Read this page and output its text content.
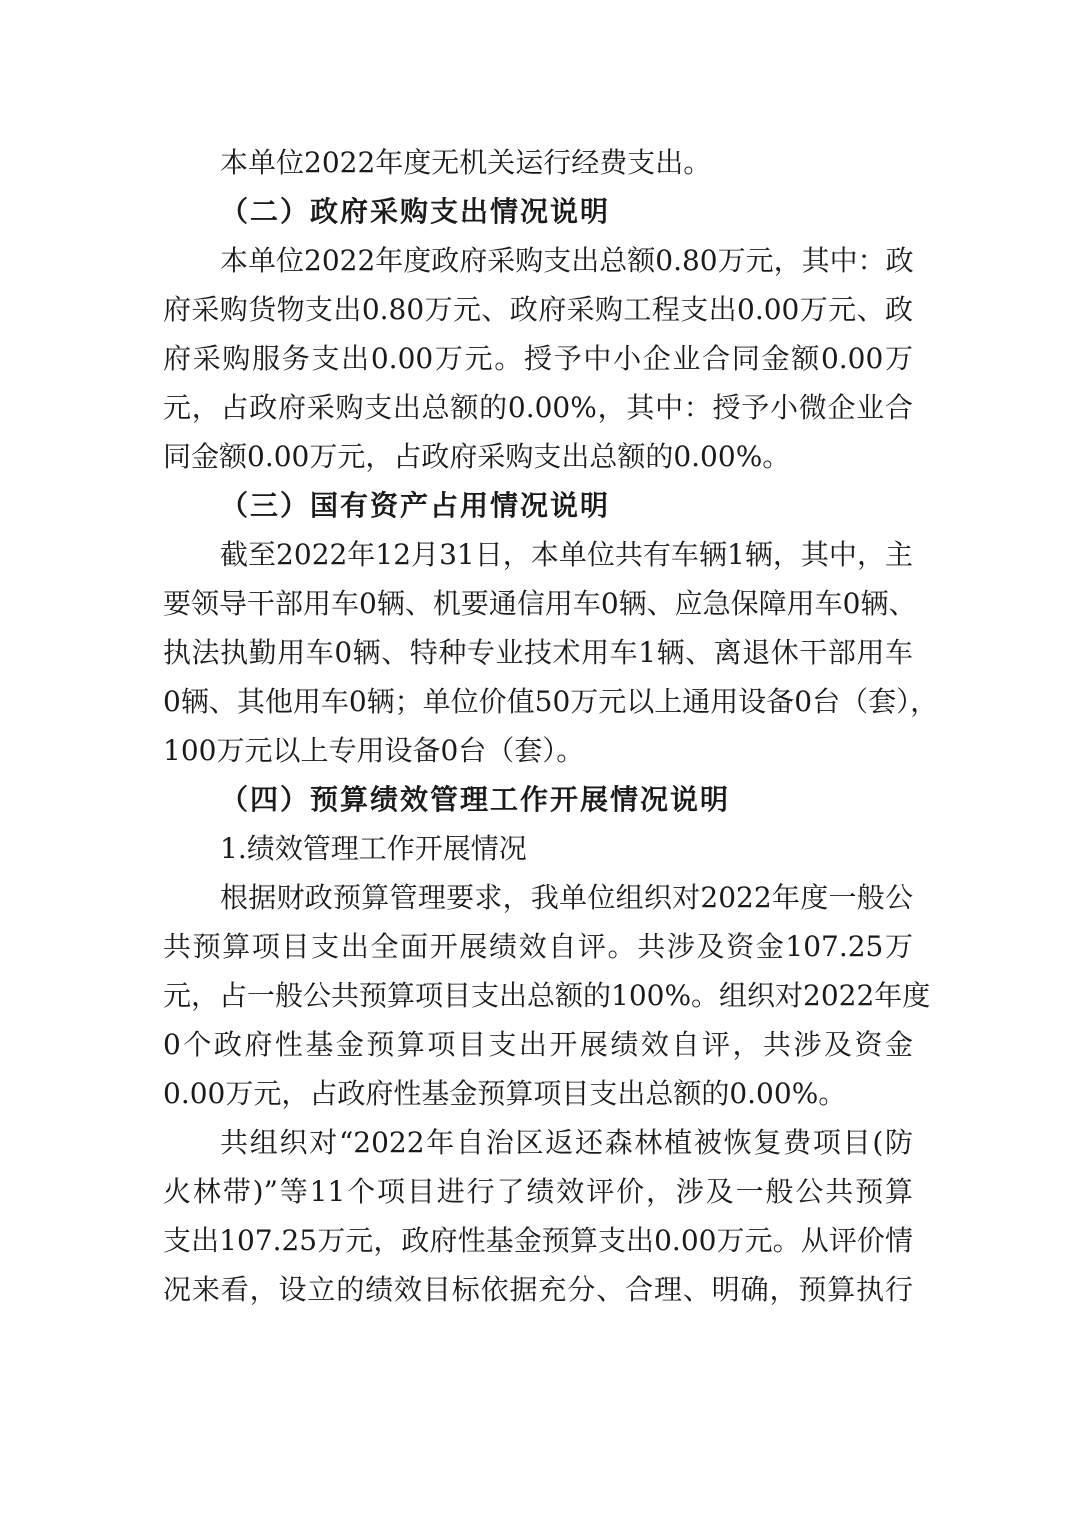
本单位2022年度无机关运行经费支出。
（二）政府采购支出情况说明
本单位2022年度政府采购支出总额0.80万元，其中：政
府采购货物支出0.80万元、政府采购工程支出0.00万元、政
府采购服务支出0.00万元。授予中小企业合同金额0.00万
元，占政府采购支出总额的0.00%，其中：授予小微企业合
同金额0.00万元，占政府采购支出总额的0.00%。
（三）国有资产占用情况说明
截至2022年12月31日，本单位共有车辆1辆，其中，主
要领导干部用车0辆、机要通信用车0辆、应急保障用车0辆、
执法执勤用车0辆、特种专业技术用车1辆、离退休干部用车
0辆、其他用车0辆；单位价值50万元以上通用设备0台（套），
100万元以上专用设备0台（套）。
（四）预算绩效管理工作开展情况说明
1.绩效管理工作开展情况
根据财政预算管理要求，我单位组织对2022年度一般公
共预算项目支出全面开展绩效自评。共涉及资金107.25万
元，占一般公共预算项目支出总额的100%。组织对2022年度
0个政府性基金预算项目支出开展绩效自评，共涉及资金
0.00万元，占政府性基金预算项目支出总额的0.00%。
共组织对“2022年自治区返还森林植被恢复费项目(防
火林带)”等11个项目进行了绩效评价，涉及一般公共预算
支出107.25万元，政府性基金预算支出0.00万元。从评价情
况来看，设立的绩效目标依据充分、合理、明确，预算执行
